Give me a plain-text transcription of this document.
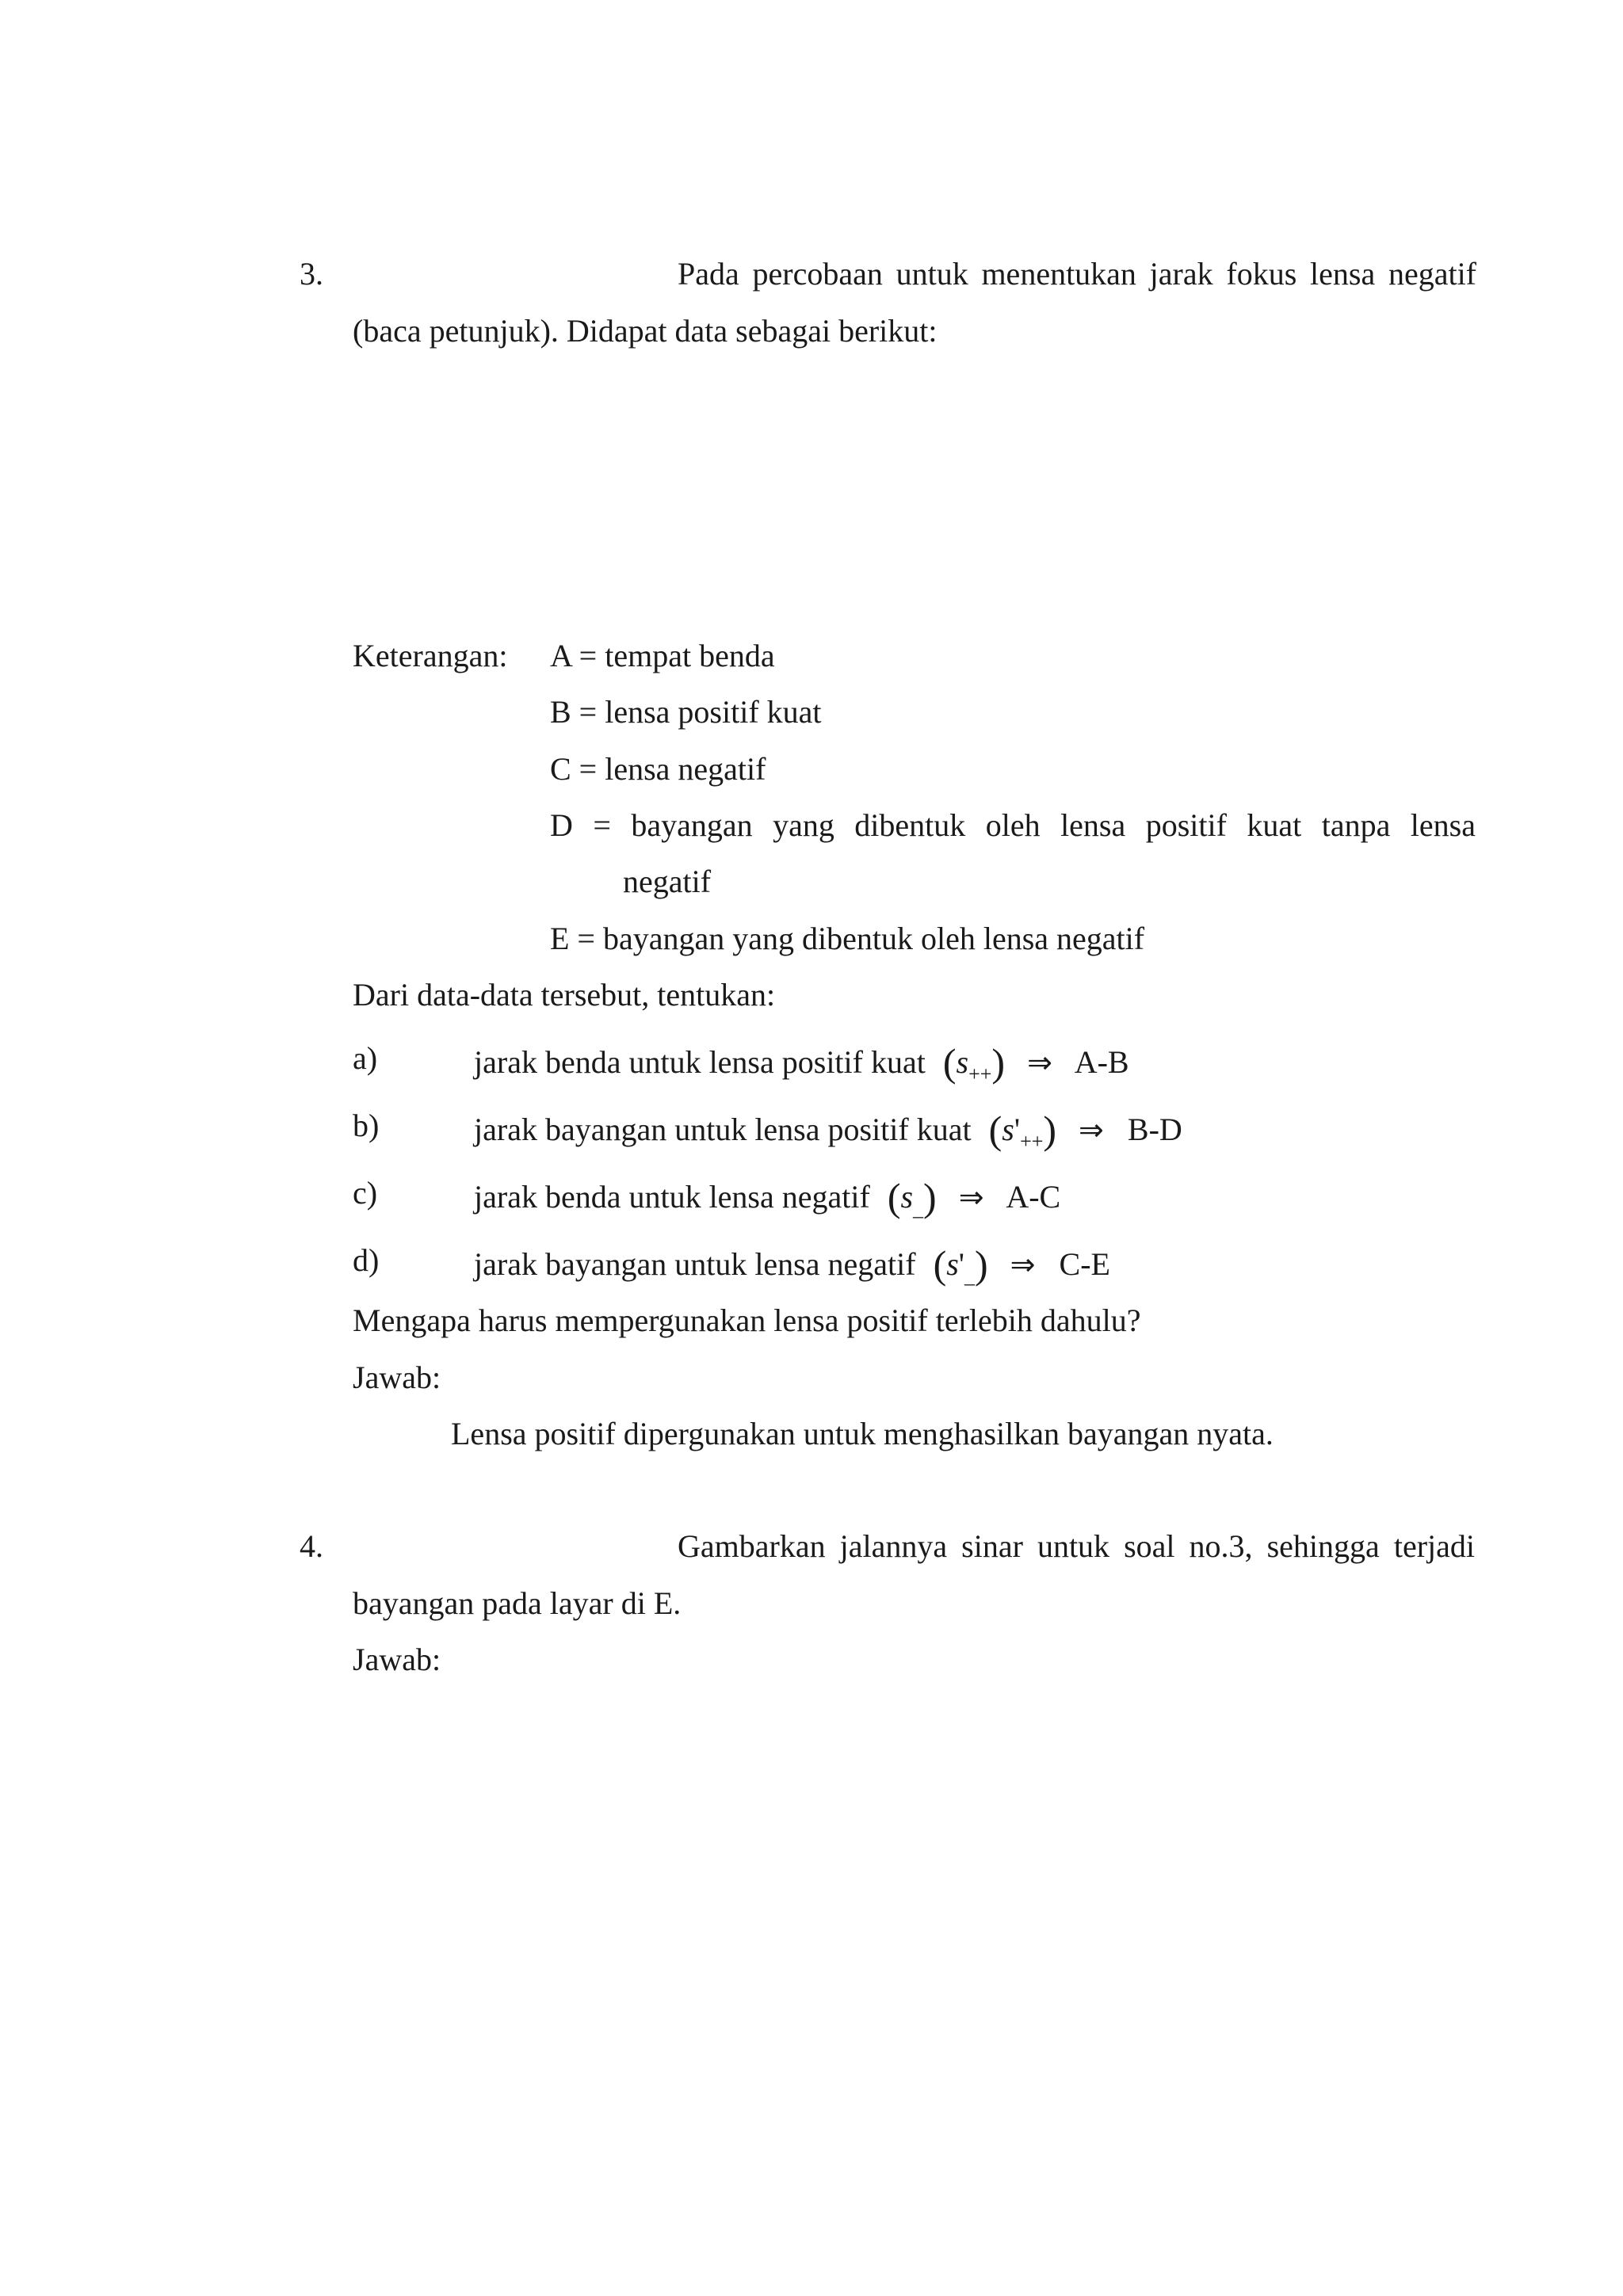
3.	Pada percobaan untuk menentukan jarak fokus lensa negatif
(baca petunjuk). Didapat data sebagai berikut:
Keterangan: A = tempat benda
B = lensa positif kuat
C = lensa negatif
D = bayangan yang dibentuk oleh lensa positif kuat tanpa lensa
negatif
E = bayangan yang dibentuk oleh lensa negatif
Dari data-data tersebut, tentukan:
a)	jarak benda untuk lensa positif kuat $(s_{++})$ ⇒ A-B
b)	jarak bayangan untuk lensa positif kuat $(s'_{++})$ ⇒ B-D
c)	jarak benda untuk lensa negatif $(s_{\_})$ ⇒ A-C
d)	jarak bayangan untuk lensa negatif $(s'_{\_})$ ⇒ C-E
Mengapa harus mempergunakan lensa positif terlebih dahulu?
Jawab:
Lensa positif dipergunakan untuk menghasilkan bayangan nyata.
4.	Gambarkan jalannya sinar untuk soal no.3, sehingga terjadi
bayangan pada layar di E.
Jawab:
